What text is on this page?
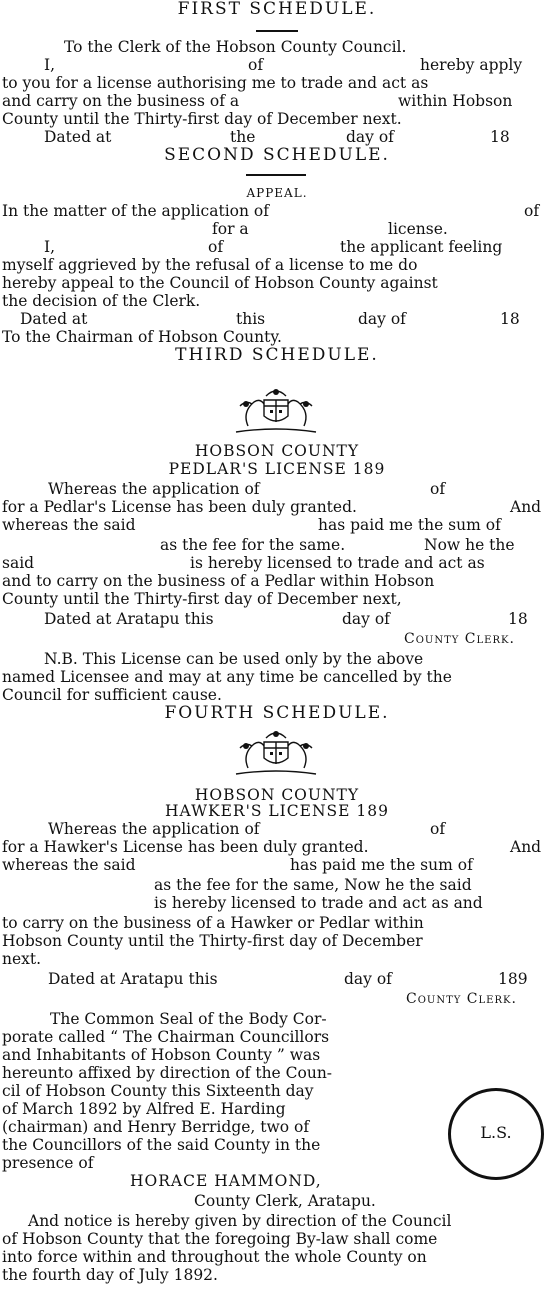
FIRST SCHEDULE.
To the Clerk of the Hobson County Council.
I,	of	hereby apply
to you for a license authorising me to trade and act as
and carry on the business of a	within Hobson
County until the Thirty-first day of December next.
Dated at	the	day of	18
SECOND SCHEDULE.
APPEAL.
In the matter of the application of	of
for a	license.
I,	of	the applicant feeling
myself aggrieved by the refusal of a license to me do
hereby appeal to the Council of Hobson County against
the decision of the Clerk.
Dated at	this	day of	18
To the Chairman of Hobson County.
THIRD SCHEDULE.
HOBSON COUNTY
PEDLAR'S LICENSE 189
Whereas the application of	of
for a Pedlar's License has been duly granted.	And
whereas the said	has paid me the sum of
as the fee for the same.	Now he the
said	is hereby licensed to trade and act as
and to carry on the business of a Pedlar within Hobson
County until the Thirty-first day of December next,
Dated at Aratapu this	day of	18
County Clerk.
N.B. This License can be used only by the above
named Licensee and may at any time be cancelled by the
Council for sufficient cause.
FOURTH SCHEDULE.
HOBSON COUNTY
HAWKER'S LICENSE 189
Whereas the application of	of
for a Hawker's License has been duly granted.	And
whereas the said	has paid me the sum of
as the fee for the same, Now he the said
is hereby licensed to trade and act as and
to carry on the business of a Hawker or Pedlar within
Hobson County until the Thirty-first day of December
next.
Dated at Aratapu this	day of	189
County Clerk.
The Common Seal of the Body Cor-
porate called “ The Chairman Councillors
and Inhabitants of Hobson County ” was
hereunto affixed by direction of the Coun-
cil of Hobson County this Sixteenth day
of March 1892 by Alfred E. Harding
(chairman) and Henry Berridge, two of
the Councillors of the said County in the
presence of
L.S.
HORACE HAMMOND,
County Clerk, Aratapu.
And notice is hereby given by direction of the Council
of Hobson County that the foregoing By-law shall come
into force within and throughout the whole County on
the fourth day of July 1892.
